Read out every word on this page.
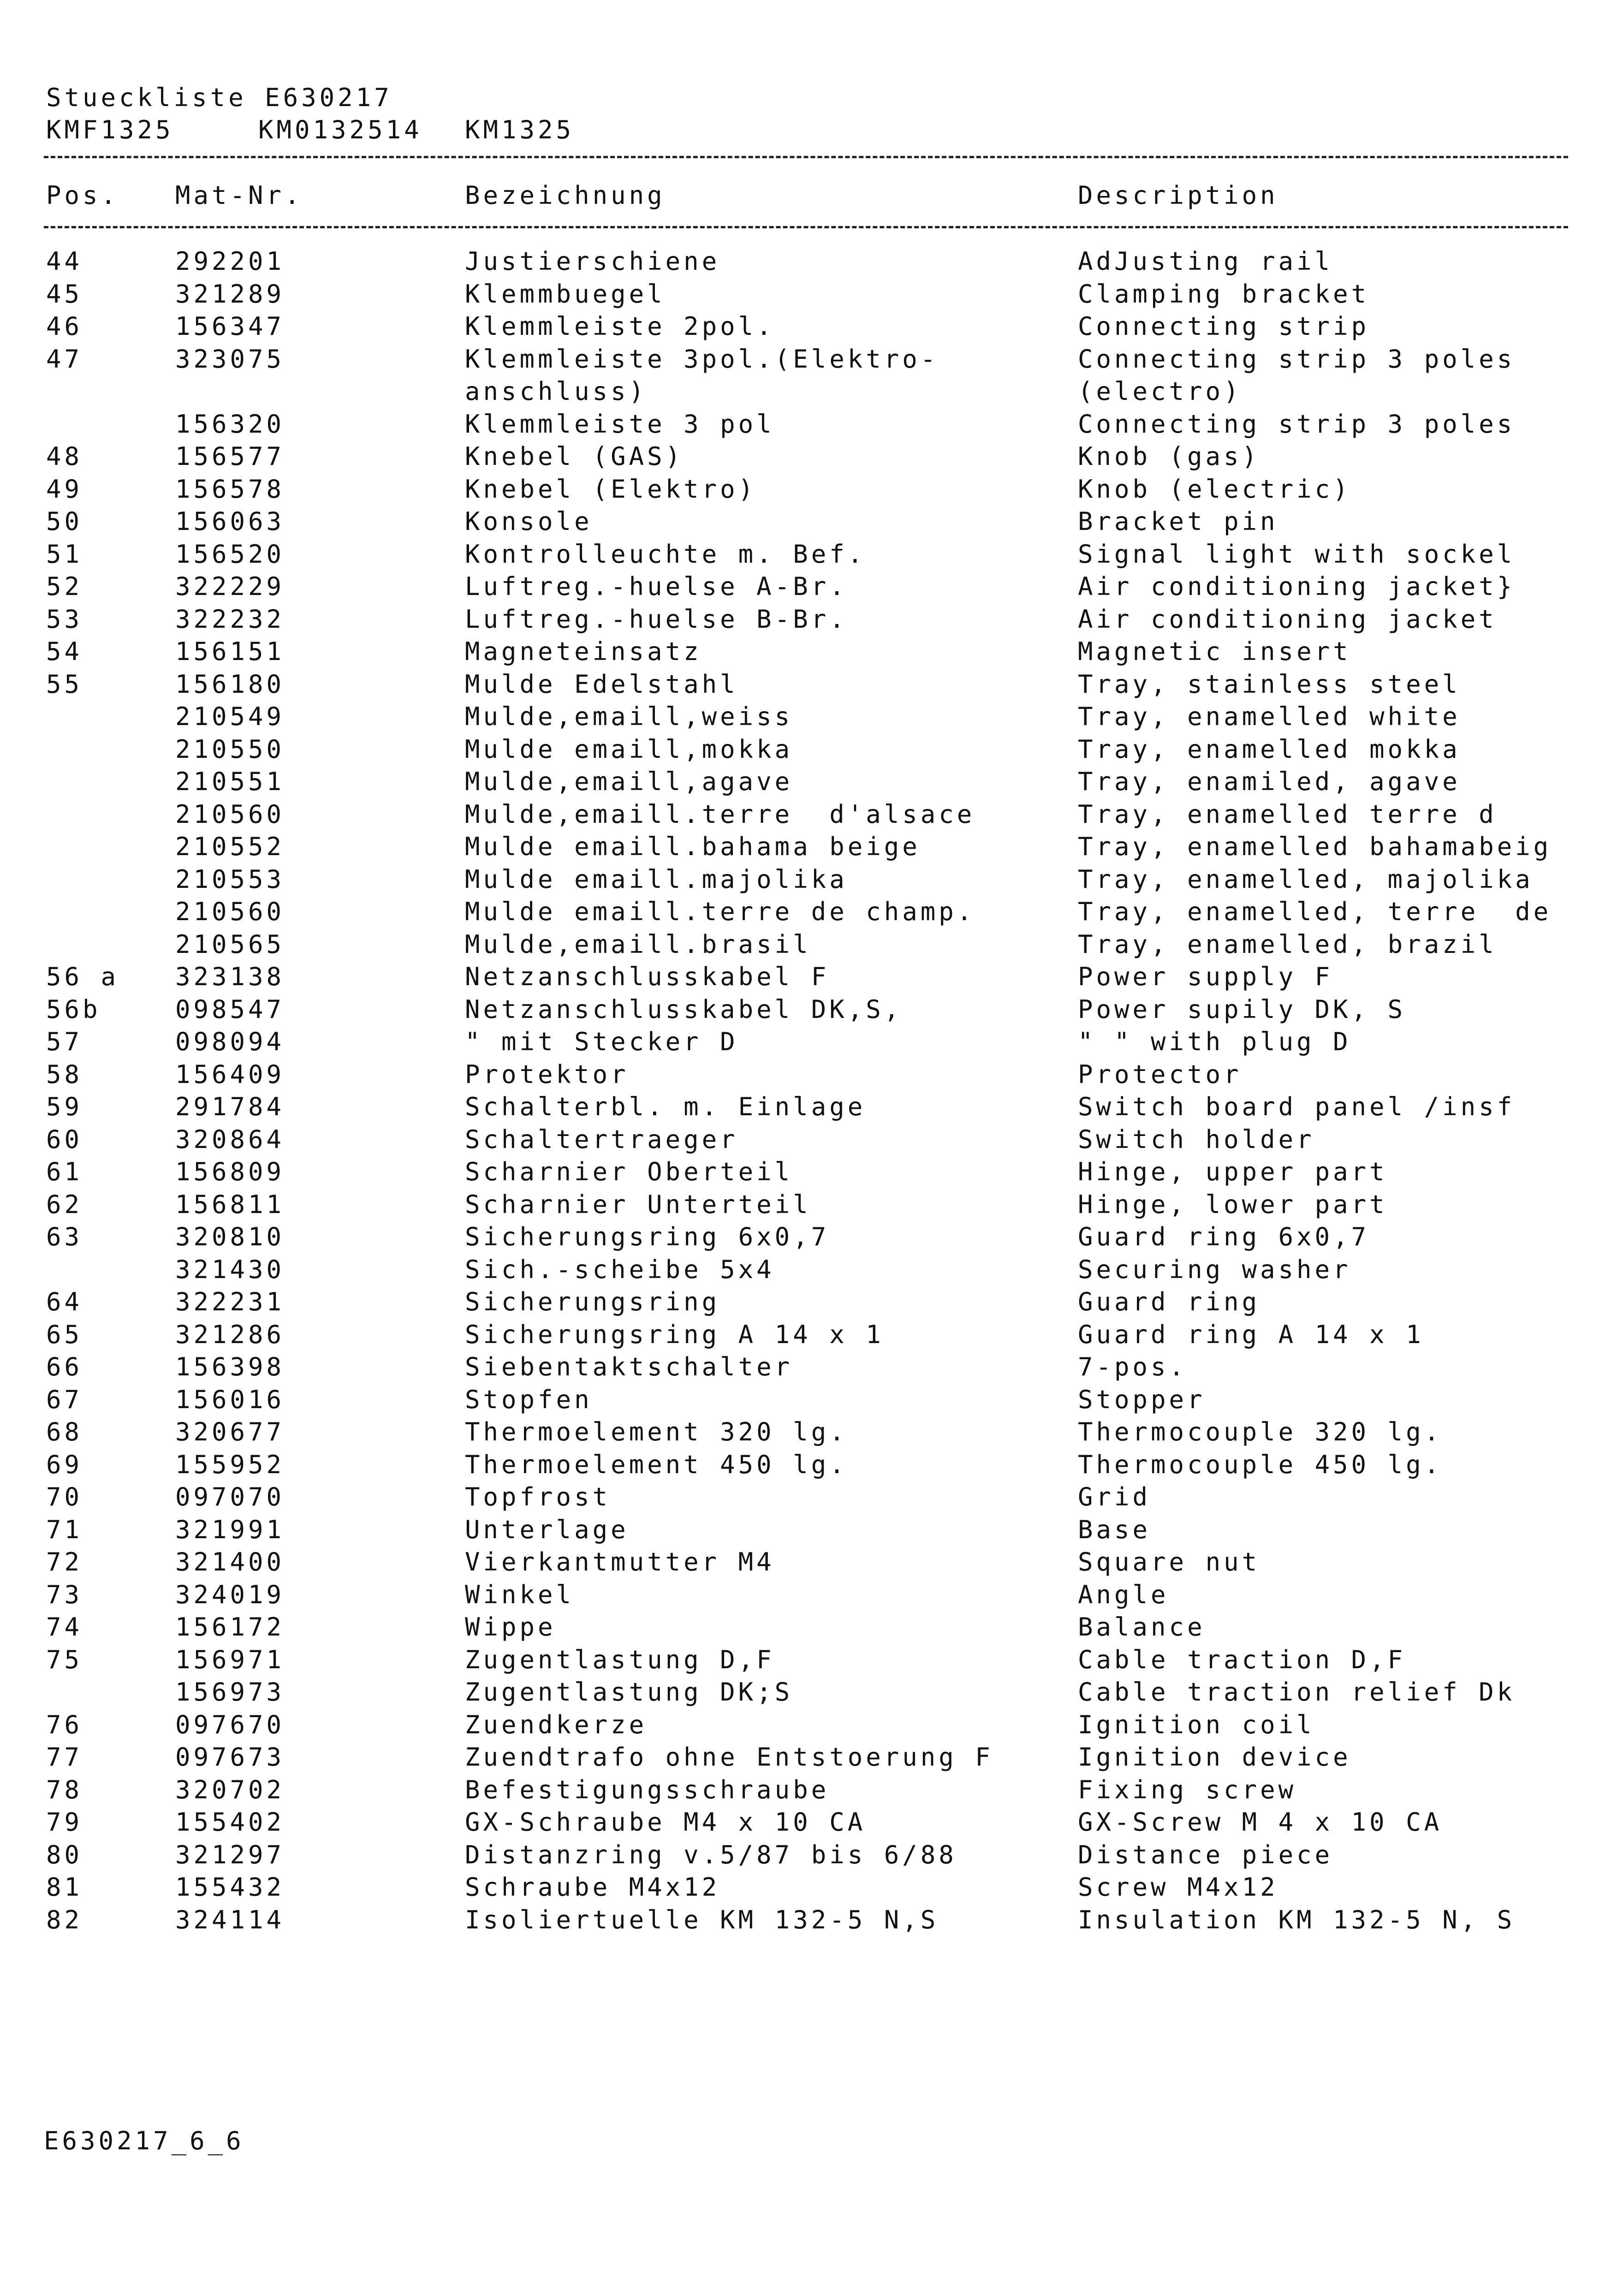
Stueckliste E630217
KMF1325	KM0132514 KM1325
Pos. Mat-Nr.	Bezeichnung	Description
44	292201	Justierschiene	AdJusting rail
45	321289	Klemmbuegel	Clamping bracket
46	156347	Klemmleiste 2pol.	Connecting strip
47	323075	Klemmleiste 3pol.(Elektro-	Connecting strip 3 poles
anschluss)	(electro)
156320	Klemmleiste 3 pol	Connecting strip 3 poles
48	156577	Knebel (GAS)	Knob (gas)
49	156578	Knebel (Elektro)	Knob (electric)
50	156063	Konsole	Bracket pin
51	156520	Kontrolleuchte m. Bef.	Signal light with sockel
52	322229	Luftreg.-huelse A-Br.	Air conditioning jacket}
53	322232	Luftreg.-huelse B-Br.	Air conditioning jacket
54	156151	Magneteinsatz	Magnetic insert
55	156180	Mulde Edelstahl	Tray, stainless steel
210549	Mulde,emaill,weiss	Tray, enamelled white
210550	Mulde emaill,mokka	Tray, enamelled mokka
210551	Mulde,emaill,agave	Tray, enamiled, agave
210560	Mulde,emaill.terre  d'alsace	Tray, enamelled terre d
210552	Mulde emaill.bahama beige	Tray, enamelled bahamabeig
210553	Mulde emaill.majolika	Tray, enamelled, majolika
210560	Mulde emaill.terre de champ.	Tray, enamelled, terre  de
210565	Mulde,emaill.brasil	Tray, enamelled, brazil
56 a 323138	Netzanschlusskabel F	Power supply F
56b	098547	Netzanschlusskabel DK,S,	Power supily DK, S
57	098094	" mit Stecker D	" " with plug D
58	156409	Protektor	Protector
59	291784	Schalterbl. m. Einlage	Switch board panel /insf
60	320864	Schaltertraeger	Switch holder
61	156809	Scharnier Oberteil	Hinge, upper part
62	156811	Scharnier Unterteil	Hinge, lower part
63	320810	Sicherungsring 6x0,7	Guard ring 6x0,7
321430	Sich.-scheibe 5x4	Securing washer
64	322231	Sicherungsring	Guard ring
65	321286	Sicherungsring A 14 x 1	Guard ring A 14 x 1
66	156398	Siebentaktschalter	7-pos.
67	156016	Stopfen	Stopper
68	320677	Thermoelement 320 lg.	Thermocouple 320 lg.
69	155952	Thermoelement 450 lg.	Thermocouple 450 lg.
70	097070	Topfrost	Grid
71	321991	Unterlage	Base
72	321400	Vierkantmutter M4	Square nut
73	324019	Winkel	Angle
74	156172	Wippe	Balance
75	156971	Zugentlastung D,F	Cable traction D,F
156973	Zugentlastung DK;S	Cable traction relief Dk
76	097670	Zuendkerze	Ignition coil
77	097673	Zuendtrafo ohne Entstoerung F	Ignition device
78	320702	Befestigungsschraube	Fixing screw
79	155402	GX-Schraube M4 x 10 CA	GX-Screw M 4 x 10 CA
80	321297	Distanzring v.5/87 bis 6/88	Distance piece
81	155432	Schraube M4x12	Screw M4x12
82	324114	Isoliertuelle KM 132-5 N,S	Insulation KM 132-5 N, S
E630217_6_6
